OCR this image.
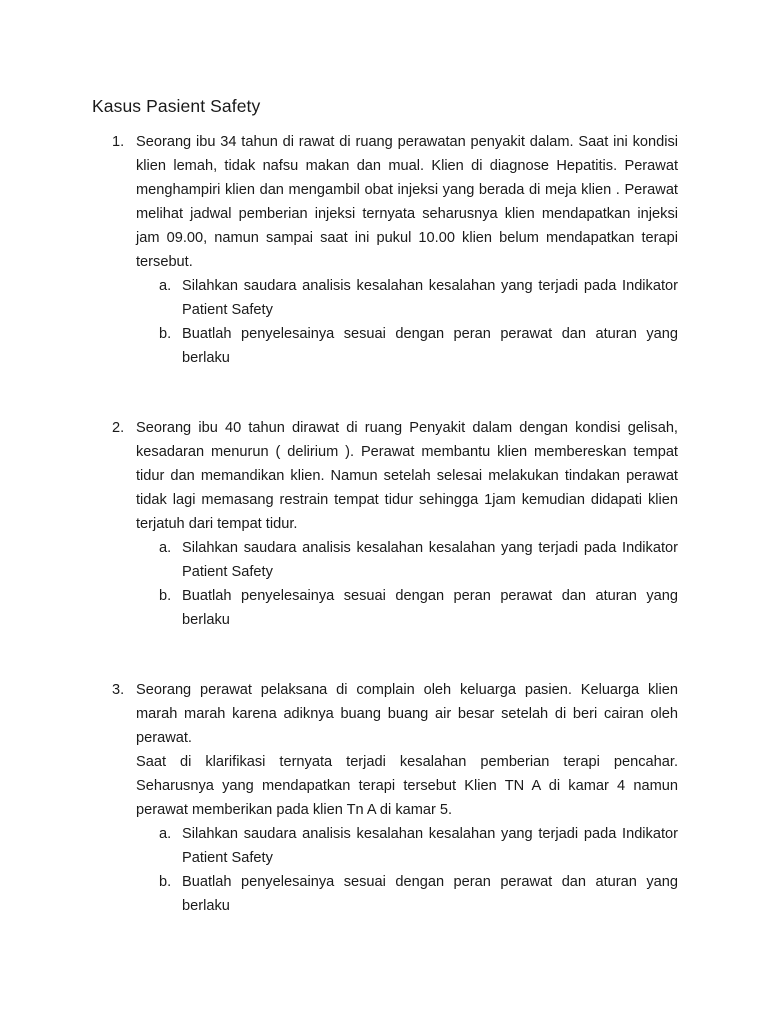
Kasus Pasient Safety
1. Seorang ibu 34 tahun di rawat di ruang perawatan penyakit dalam. Saat ini kondisi klien lemah, tidak nafsu makan dan mual. Klien di diagnose Hepatitis. Perawat menghampiri klien dan mengambil obat injeksi yang berada di meja klien . Perawat melihat jadwal pemberian injeksi ternyata seharusnya klien mendapatkan injeksi jam 09.00, namun sampai saat ini pukul 10.00 klien belum mendapatkan terapi tersebut.

a. Silahkan saudara analisis kesalahan kesalahan yang terjadi pada Indikator Patient Safety
b. Buatlah penyelesainya sesuai dengan peran perawat dan aturan yang berlaku
2. Seorang ibu 40 tahun dirawat di ruang Penyakit dalam dengan kondisi gelisah, kesadaran menurun ( delirium ). Perawat membantu klien membereskan tempat tidur dan memandikan klien. Namun setelah selesai melakukan tindakan perawat tidak lagi memasang restrain tempat tidur sehingga 1jam kemudian didapati klien terjatuh dari tempat tidur.

a. Silahkan saudara analisis kesalahan kesalahan yang terjadi pada Indikator Patient Safety
b. Buatlah penyelesainya sesuai dengan peran perawat dan aturan yang berlaku
3. Seorang perawat pelaksana di complain oleh keluarga pasien. Keluarga klien marah marah karena adiknya buang buang air besar setelah di beri cairan oleh perawat.

Saat di klarifikasi ternyata terjadi kesalahan pemberian terapi pencahar. Seharusnya yang mendapatkan terapi tersebut Klien TN A di kamar 4 namun perawat memberikan pada klien Tn A di kamar 5.

a. Silahkan saudara analisis kesalahan kesalahan yang terjadi pada Indikator Patient Safety
b. Buatlah penyelesainya sesuai dengan peran perawat dan aturan yang berlaku
